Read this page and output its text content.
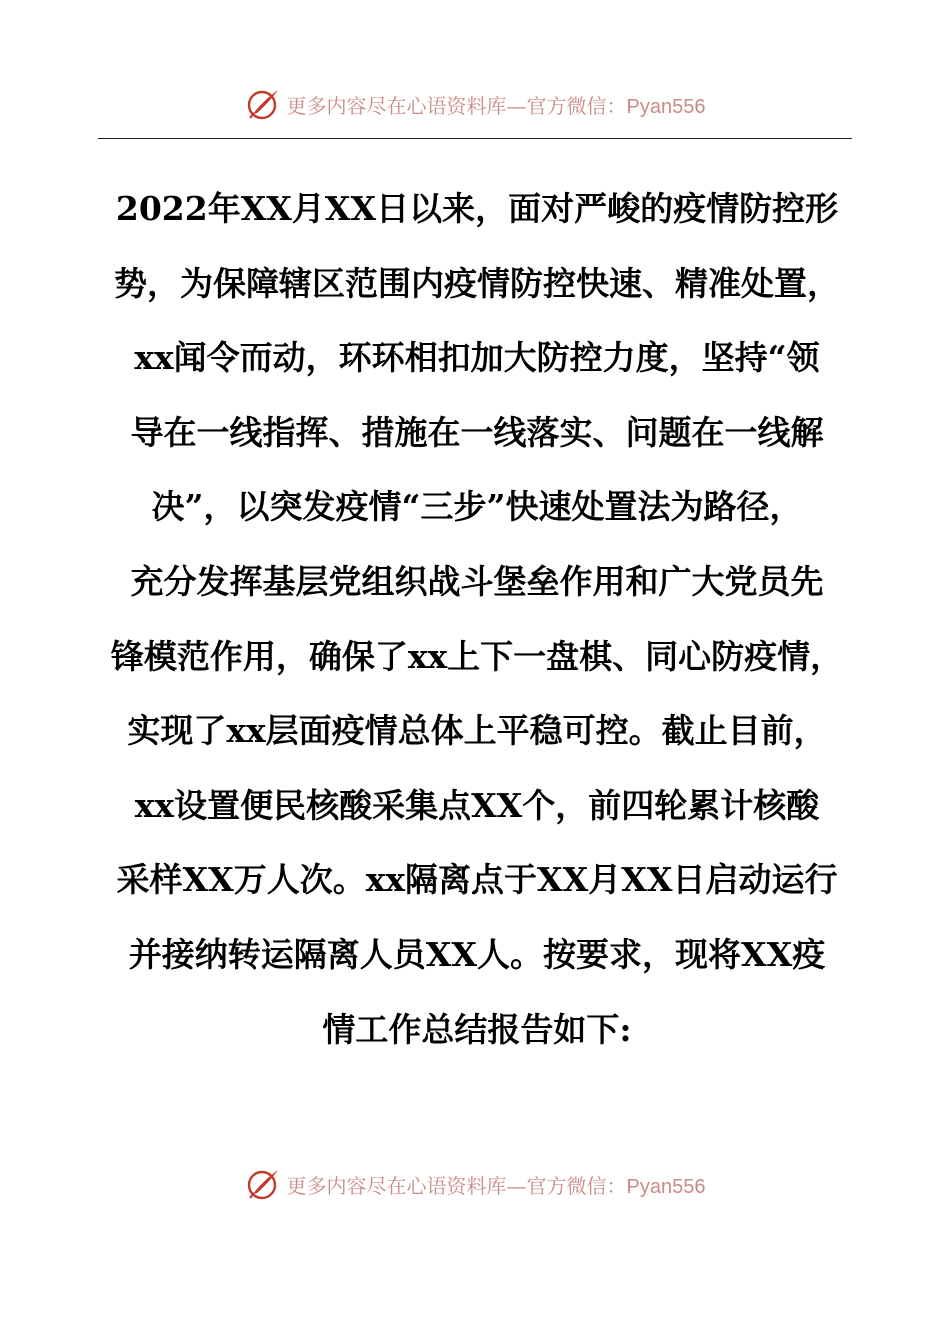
更多内容尽在心语资料库—官方微信：Pyan556
2022年XX月XX日以来，面对严峻的疫情防控形
势，为保障辖区范围内疫情防控快速、精准处置，
xx闻令而动，环环相扣加大防控力度，坚持“领
导在一线指挥、措施在一线落实、问题在一线解
决”，以突发疫情“三步”快速处置法为路径，
充分发挥基层党组织战斗堡垒作用和广大党员先
锋模范作用，确保了xx上下一盘棋、同心防疫情，
实现了xx层面疫情总体上平稳可控。截止目前，
xx设置便民核酸采集点XX个，前四轮累计核酸
采样XX万人次。xx隔离点于XX月XX日启动运行
并接纳转运隔离人员XX人。按要求，现将XX疫
情工作总结报告如下:
更多内容尽在心语资料库—官方微信：Pyan556
